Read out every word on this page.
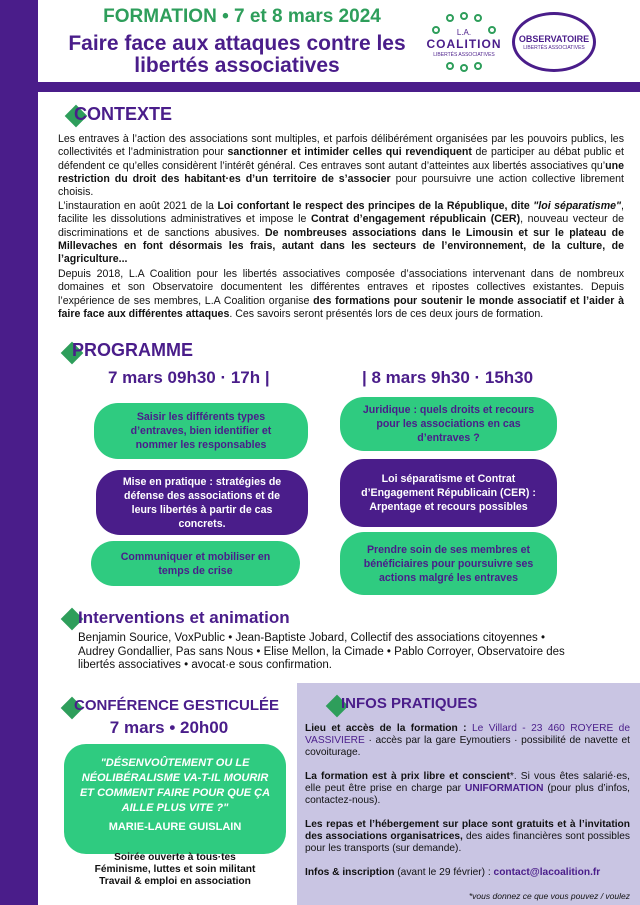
FORMATION • 7 et 8 mars 2024
Faire face aux attaques contre les libertés associatives
L.A.
COALITION
LIBERTÉS ASSOCIATIVES
OBSERVATOIRE
LIBERTÉS ASSOCIATIVES
CONTEXTE
Les entraves à l’action des associations sont multiples, et parfois délibérément organisées par les pouvoirs publics, les collectivités et l’administration pour sanctionner et intimider celles qui revendiquent de participer au débat public et défendent ce qu’elles considèrent l’intérêt général. Ces entraves sont autant d’atteintes aux libertés associatives qu’une restriction du droit des habitant·es d’un territoire de s’associer pour poursuivre une action collective librement choisis.
L’instauration en août 2021 de la Loi confortant le respect des principes de la République, dite "loi séparatisme", facilite les dissolutions administratives et impose le Contrat d’engagement républicain (CER), nouveau vecteur de discriminations et de sanctions abusives. De nombreuses associations dans le Limousin et sur le plateau de Millevaches en font désormais les frais, autant dans les secteurs de l’environnement, de la culture, de l’agriculture...
Depuis 2018, L.A Coalition pour les libertés associatives composée d’associations intervenant dans de nombreux domaines et son Observatoire documentent les différentes entraves et ripostes collectives existantes. Depuis l’expérience de ses membres, L.A Coalition organise des formations pour soutenir le monde associatif et l’aider à faire face aux différentes attaques. Ces savoirs seront présentés lors de ces deux jours de formation.
PROGRAMME
7 mars 09h30 · 17h |	| 8 mars 9h30 · 15h30
Saisir les différents types d’entraves, bien identifier et nommer les responsables
Mise en pratique : stratégies de défense des associations et de leurs libertés à partir de cas concrets.
Communiquer et mobiliser en temps de crise
Juridique : quels droits et recours pour les associations en cas d’entraves ?
Loi séparatisme et Contrat d’Engagement Républicain (CER) : Arpentage et recours possibles
Prendre soin de ses membres et bénéficiaires pour poursuivre ses actions malgré les entraves
Interventions et animation
Benjamin Sourice, VoxPublic • Jean-Baptiste Jobard, Collectif des associations citoyennes • Audrey Gondallier, Pas sans Nous • Elise Mellon, la Cimade • Pablo Corroyer, Observatoire des libertés associatives • avocat·e sous confirmation.
CONFÉRENCE GESTICULÉE
7 mars • 20h00
"DÉSENVOÛTEMENT OU LE NÉOLIBÉRALISME VA-T-IL MOURIR ET COMMENT FAIRE POUR QUE ÇA AILLE PLUS VITE ?"
MARIE-LAURE GUISLAIN
Soirée ouverte à tous·tes
Féminisme, luttes et soin militant
Travail & emploi en association
INFOS PRATIQUES
Lieu et accès de la formation : Le Villard - 23 460 ROYERE de VASSIVIERE · accès par la gare Eymoutiers · possibilité de navette et covoiturage.
La formation est à prix libre et conscient*. Si vous êtes salarié·es, elle peut être prise en charge par UNIFORMATION (pour plus d’infos, contactez-nous).
Les repas et l’hébergement sur place sont gratuits et à l’invitation des associations organisatrices, des aides financières sont possibles pour les transports (sur demande).
Infos & inscription (avant le 29 février) : contact@lacoalition.fr
*vous donnez ce que vous pouvez / voulez
